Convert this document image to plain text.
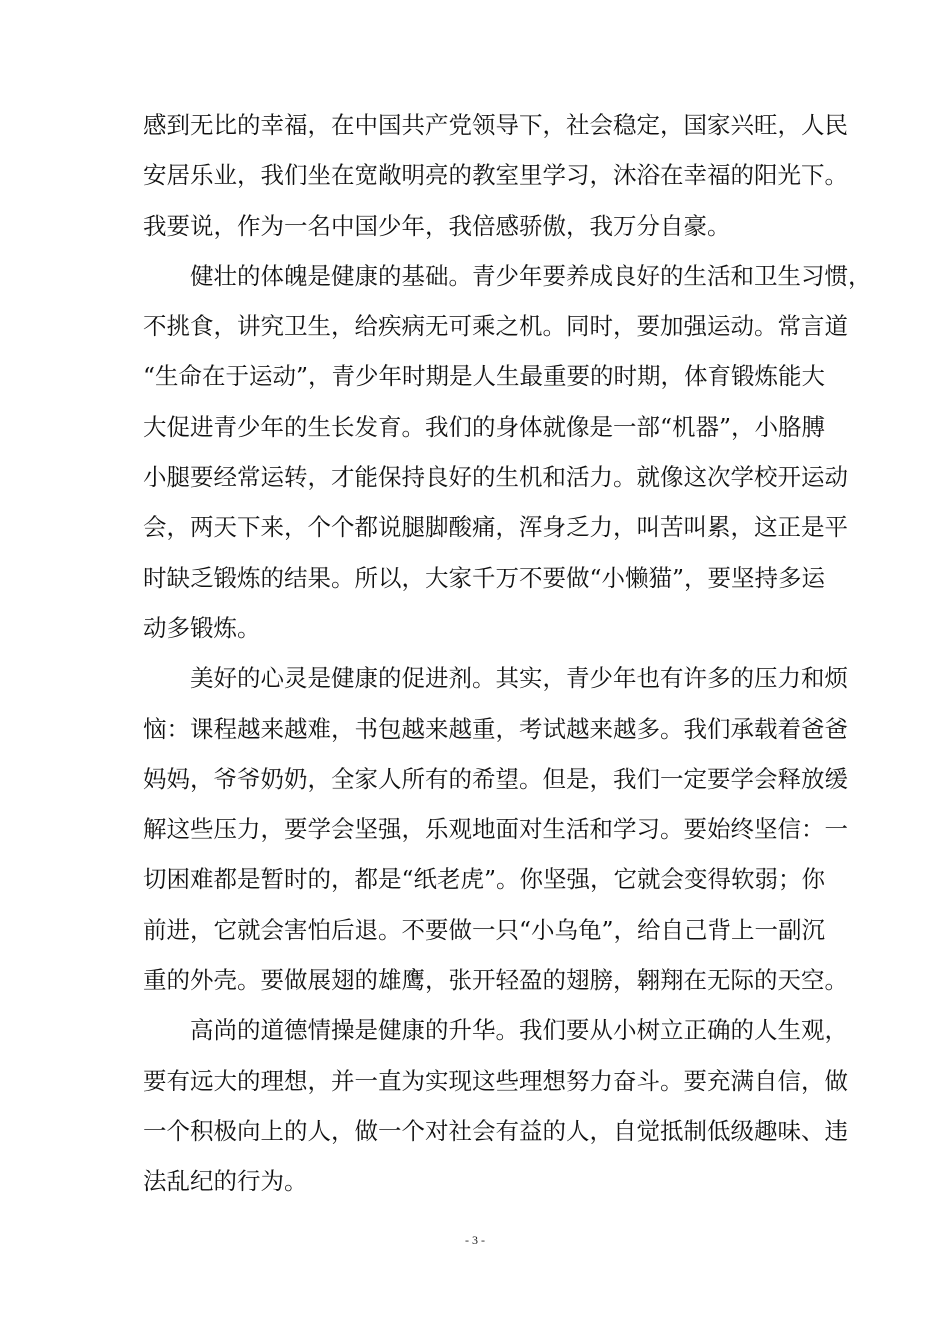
感到无比的幸福，在中国共产党领导下，社会稳定，国家兴旺，人民
安居乐业，我们坐在宽敞明亮的教室里学习，沐浴在幸福的阳光下。
我要说，作为一名中国少年，我倍感骄傲，我万分自豪。
健壮的体魄是健康的基础。青少年要养成良好的生活和卫生习惯，
不挑食，讲究卫生，给疾病无可乘之机。同时，要加强运动。常言道
“生命在于运动”，青少年时期是人生最重要的时期，体育锻炼能大
大促进青少年的生长发育。我们的身体就像是一部“机器”，小胳膊
小腿要经常运转，才能保持良好的生机和活力。就像这次学校开运动
会，两天下来，个个都说腿脚酸痛，浑身乏力，叫苦叫累，这正是平
时缺乏锻炼的结果。所以，大家千万不要做“小懒猫”，要坚持多运
动多锻炼。
美好的心灵是健康的促进剂。其实，青少年也有许多的压力和烦
恼：课程越来越难，书包越来越重，考试越来越多。我们承载着爸爸
妈妈，爷爷奶奶，全家人所有的希望。但是，我们一定要学会释放缓
解这些压力，要学会坚强，乐观地面对生活和学习。要始终坚信：一
切困难都是暂时的，都是“纸老虎”。你坚强，它就会变得软弱；你
前进，它就会害怕后退。不要做一只“小乌龟”，给自己背上一副沉
重的外壳。要做展翅的雄鹰，张开轻盈的翅膀，翱翔在无际的天空。
高尚的道德情操是健康的升华。我们要从小树立正确的人生观，
要有远大的理想，并一直为实现这些理想努力奋斗。要充满自信，做
一个积极向上的人，做一个对社会有益的人，自觉抵制低级趣味、违
法乱纪的行为。
- 3 -
